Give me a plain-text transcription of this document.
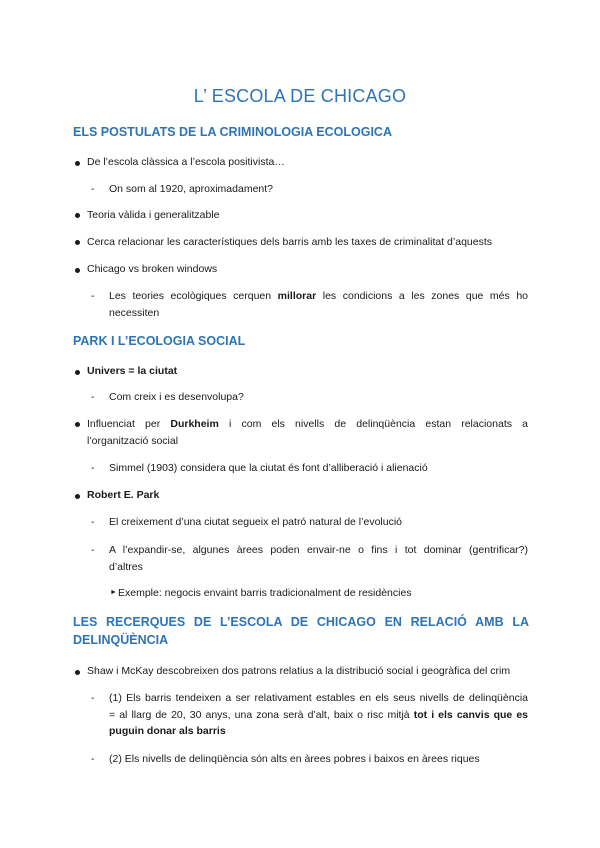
L’ ESCOLA DE CHICAGO
ELS POSTULATS DE LA CRIMINOLOGIA ECOLOGICA
De l’escola clàssica a l’escola positivista…
- On som al 1920, aproximadament?
Teoria vàlida i generalitzable
Cerca relacionar les característiques dels barris amb les taxes de criminalitat d’aquests
Chicago vs broken windows
- Les teories ecològiques cerquen millorar les condicions a les zones que més ho
necessiten
PARK I L’ECOLOGIA SOCIAL
Univers = la ciutat
- Com creix i es desenvolupa?
Influenciat per Durkheim i com els nivells de delinqüència estan relacionats a
l’organització social
- Simmel (1903) considera que la ciutat és font d’alliberació i alienació
Robert E. Park
- El creixement d’una ciutat segueix el patró natural de l’evolució
- A l’expandir-se, algunes àrees poden envair-ne o fins i tot dominar (gentrificar?)
d’altres
► Exemple: negocis envaint barris tradicionalment de residències
LES RECERQUES DE L’ESCOLA DE CHICAGO EN RELACIÓ AMB LA
DELINQÜÈNCIA
Shaw i McKay descobreixen dos patrons relatius a la distribució social i geogràfica del crim
- (1) Els barris tendeixen a ser relativament estables en els seus nivells de delinqüència
= al llarg de 20, 30 anys, una zona serà d’alt, baix o risc mitjà tot i els canvis que es
puguin donar als barris
- (2) Els nivells de delinqüència són alts en àrees pobres i baixos en àrees riques
